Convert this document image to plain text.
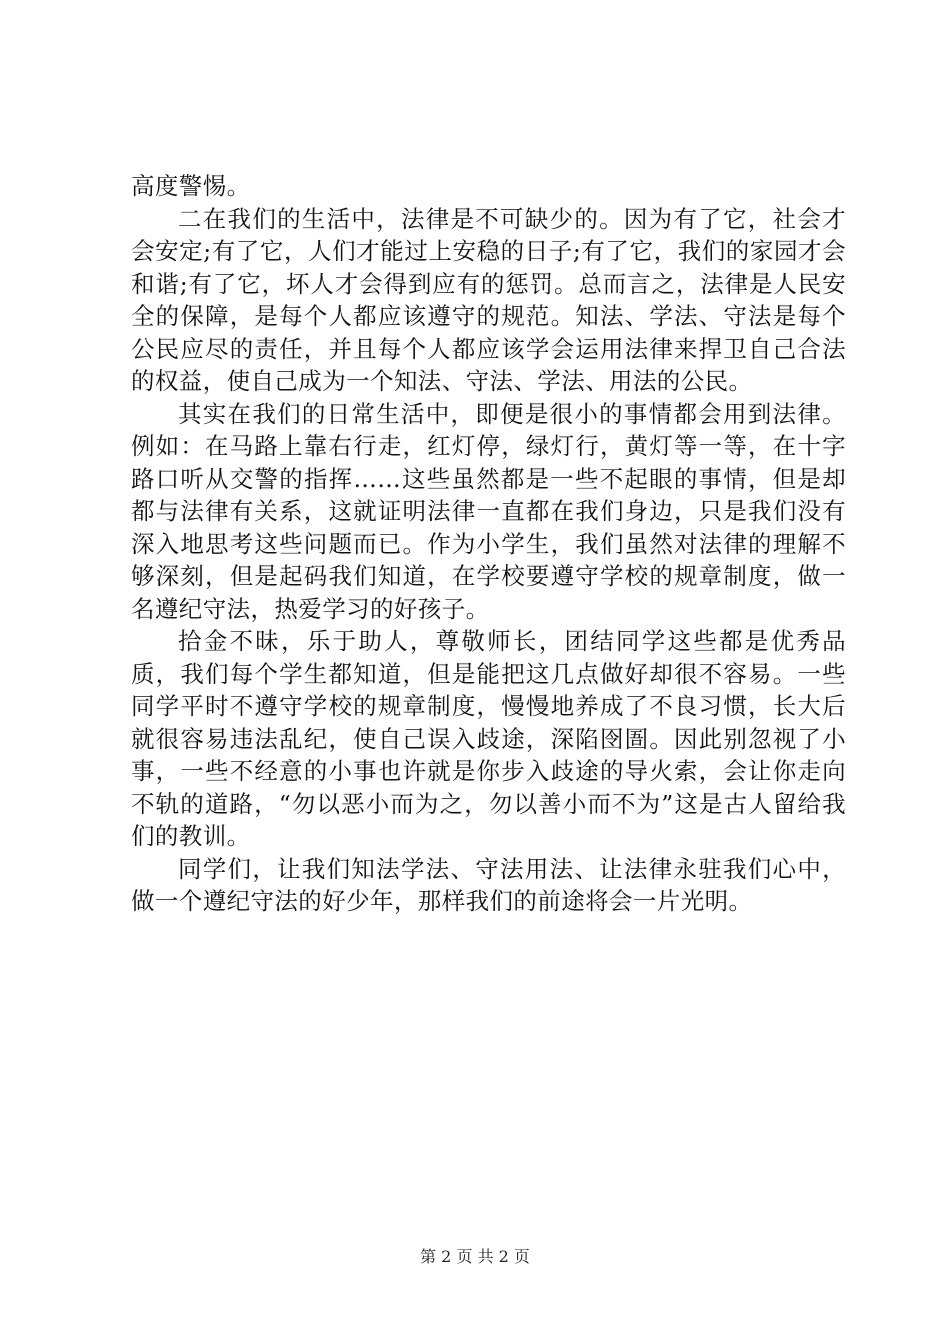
高度警惕。

二在我们的生活中，法律是不可缺少的。因为有了它，社会才会安定;有了它，人们才能过上安稳的日子;有了它，我们的家园才会和谐;有了它，坏人才会得到应有的惩罚。总而言之，法律是人民安全的保障，是每个人都应该遵守的规范。知法、学法、守法是每个公民应尽的责任，并且每个人都应该学会运用法律来捍卫自己合法的权益，使自己成为一个知法、守法、学法、用法的公民。

其实在我们的日常生活中，即便是很小的事情都会用到法律。例如：在马路上靠右行走，红灯停，绿灯行，黄灯等一等，在十字路口听从交警的指挥……这些虽然都是一些不起眼的事情，但是却都与法律有关系，这就证明法律一直都在我们身边，只是我们没有深入地思考这些问题而已。作为小学生，我们虽然对法律的理解不够深刻，但是起码我们知道，在学校要遵守学校的规章制度，做一名遵纪守法，热爱学习的好孩子。

拾金不昧，乐于助人，尊敬师长，团结同学这些都是优秀品质，我们每个学生都知道，但是能把这几点做好却很不容易。一些同学平时不遵守学校的规章制度，慢慢地养成了不良习惯，长大后就很容易违法乱纪，使自己误入歧途，深陷囹圄。因此别忽视了小事，一些不经意的小事也许就是你步入歧途的导火索，会让你走向不轨的道路，“勿以恶小而为之，勿以善小而不为”这是古人留给我们的教训。

同学们，让我们知法学法、守法用法、让法律永驻我们心中，做一个遵纪守法的好少年，那样我们的前途将会一片光明。

第 2 页 共 2 页
